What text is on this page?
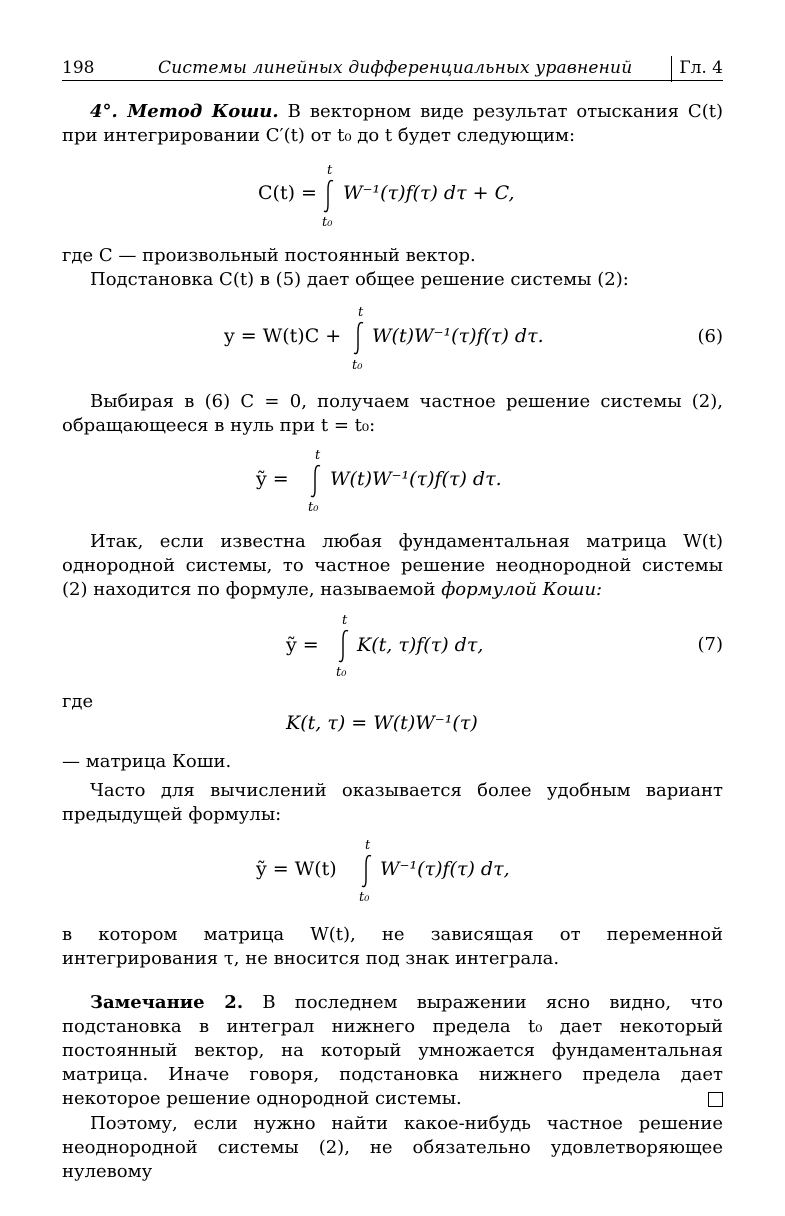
198	Системы линейных дифференциальных уравнений	Гл. 4
4°. Метод Коши. В векторном виде результат отыскания C(t) при интегрировании C′(t) от t₀ до t будет следующим:
C(t) =
t
t₀
W⁻¹(τ)f(τ) dτ + C,
где C — произвольный постоянный вектор.
Подстановка C(t) в (5) дает общее решение системы (2):
y = W(t)C +
t
t₀
W(t)W⁻¹(τ)f(τ) dτ.	(6)
Выбирая в (6) C = 0, получаем частное решение системы (2), обращающееся в нуль при t = t₀:
ỹ =
t
t₀
W(t)W⁻¹(τ)f(τ) dτ.
Итак, если известна любая фундаментальная матрица W(t) однородной системы, то частное решение неоднородной системы (2) находится по формуле, называемой формулой Коши:
ỹ =
t
t₀
K(t, τ)f(τ) dτ,	(7)
где
K(t, τ) = W(t)W⁻¹(τ)
— матрица Коши.
Часто для вычислений оказывается более удобным вариант предыдущей формулы:
ỹ = W(t)
t
t₀
W⁻¹(τ)f(τ) dτ,
в котором матрица W(t), не зависящая от переменной интегрирования τ, не вносится под знак интеграла.
Замечание 2. В последнем выражении ясно видно, что подстановка в интеграл нижнего предела t₀ дает некоторый постоянный вектор, на который умножается фундаментальная матрица. Иначе говоря, подстановка нижнего предела дает некоторое решение однородной системы.
Поэтому, если нужно найти какое-нибудь частное решение неоднородной системы (2), не обязательно удовлетворяющее нулевому
